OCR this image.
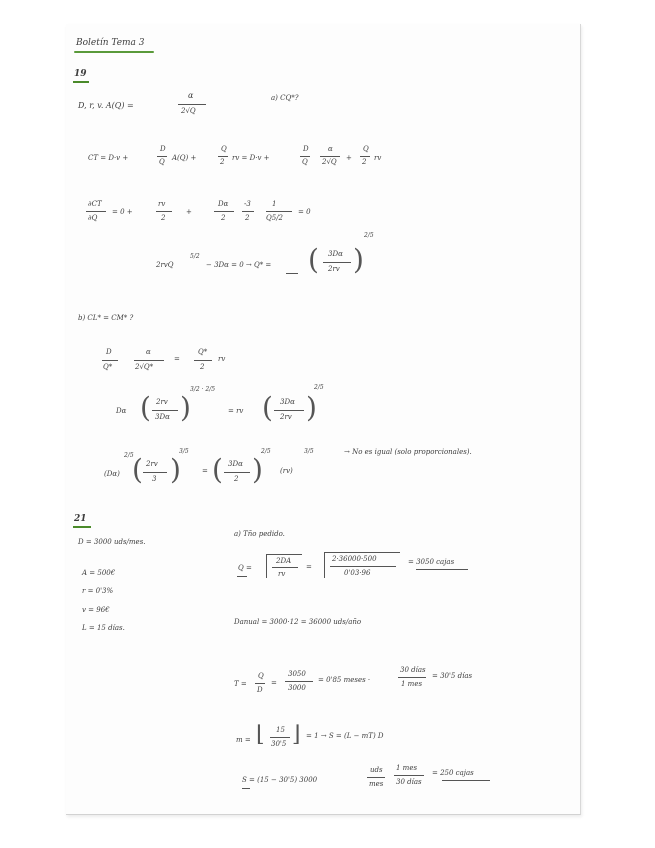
Boletín Tema 3
19
D, r, v. A(Q) =
α
2√Q
a) CQ*?
CT = D·v +
D
Q A(Q) +
Q
2 rv = D·v +
D
Q
α
2√Q +
Q
2 rv
∂CT
∂Q
= 0 +
rv
2
+
Dα
2
-3
2
1
Q5/2
= 0
2rvQ
5/2
− 3Dα = 0 → Q* = ( 3Dα
2rv )
2/5
b) CL* = CM* ?
D
Q*
α
2√Q*
=
Q*
2
rv
Dα ( 2rv
3Dα )
3/2 · 2/5
= rv ( 3Dα
2rv )
2/5
2/5
(Dα) ( 2rv
3 )
3/5
= ( 3Dα
2 )
2/5
(rv)
3/5	→ No es igual (solo proporcionales).
21
D = 3000 uds/mes.
A = 500€
r = 0'3%
v = 96€
L = 15 días.
a) Tño pedido.
Q =
2DA
rv
=
2·36000·500
0'03·96
= 3050 cajas
Danual = 3000·12 = 36000 uds/año
T =
Q
D
=
3050
3000
= 0'85 meses ·
30 días
1 mes
= 30'5 días
m = ⌊ 15
30'5 ⌋ = 1 → S = (L − mT) D
S = (15 − 30'5) 3000
uds
mes
1 mes
30 días
= 250 cajas
